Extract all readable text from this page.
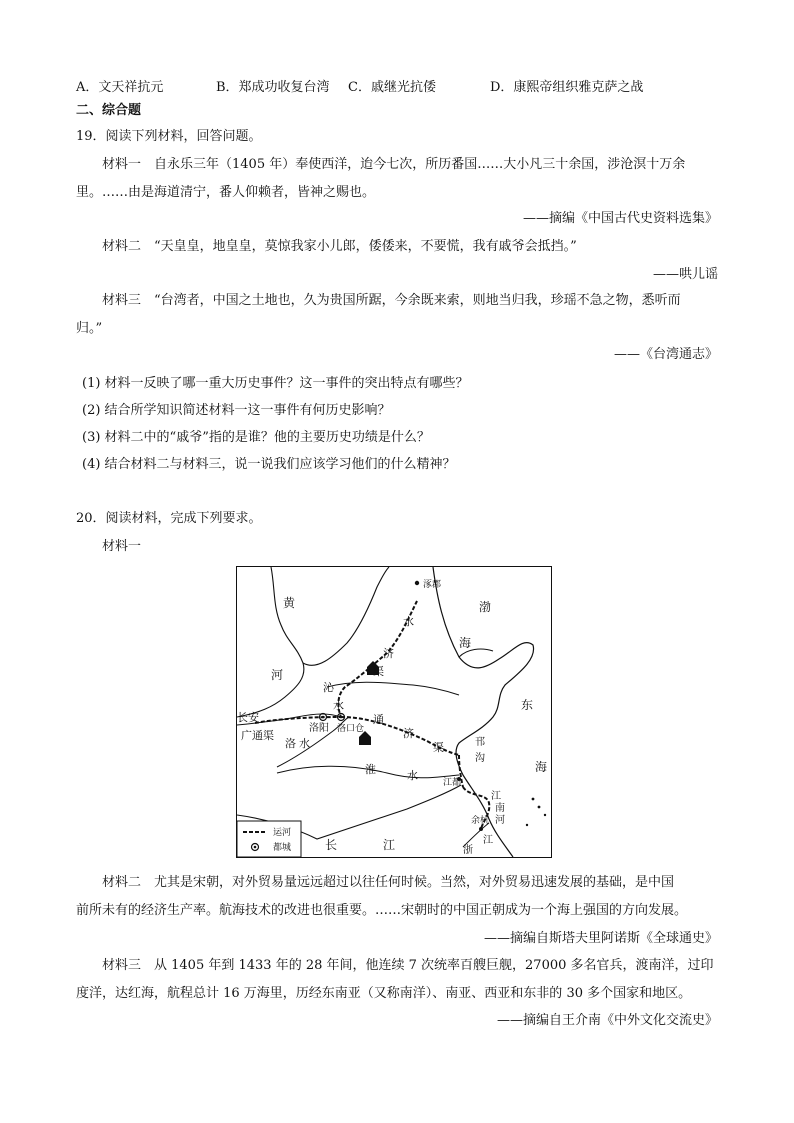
A．文天祥抗元	B．郑成功收复台湾 C．戚继光抗倭	D．康熙帝组织雅克萨之战
二、综合题
19．阅读下列材料，回答问题。
材料一　自永乐三年（1405 年）奉使西洋，迨今七次，所历番国……大小凡三十余国，涉沧溟十万余
里。……由是海道清宁，番人仰赖者，皆神之赐也。
——摘编《中国古代史资料选集》
材料二　“天皇皇，地皇皇，莫惊我家小儿郎，倭倭来，不要慌，我有戚爷会抵挡。”
——哄儿谣
材料三　“台湾者，中国之土地也，久为贵国所踞，今余既来索，则地当归我，珍瑶不急之物，悉听而
归。”
——《台湾通志》
(1) 材料一反映了哪一重大历史事件？这一事件的突出特点有哪些？
(2) 结合所学知识简述材料一这一事件有何历史影响？
(3) 材料二中的“戚爷”指的是谁？他的主要历史功绩是什么？
(4) 结合材料二与材料三，说一说我们应该学习他们的什么精神？
20．阅读材料，完成下列要求。
材料一
涿郡
黄
河
水
渤
海
济
渠
沁
水	东
长安
广通渠
洛阳 洛口仓
通
济
渠
洛 水	邗
沟
海
淮	水
江都
江
南
河
余杭
浙
江
长	江
运河
都城
材料二　尤其是宋朝，对外贸易量远远超过以往任何时候。当然，对外贸易迅速发展的基础，是中国
前所未有的经济生产率。航海技术的改进也很重要。……宋朝时的中国正朝成为一个海上强国的方向发展。
——摘编自斯塔夫里阿诺斯《全球通史》
材料三　从 1405 年到 1433 年的 28 年间，他连续 7 次统率百艘巨舰，27000 多名官兵，渡南洋，过印
度洋，达红海，航程总计 16 万海里，历经东南亚（又称南洋）、南亚、西亚和东非的 30 多个国家和地区。
——摘编自王介南《中外文化交流史》
